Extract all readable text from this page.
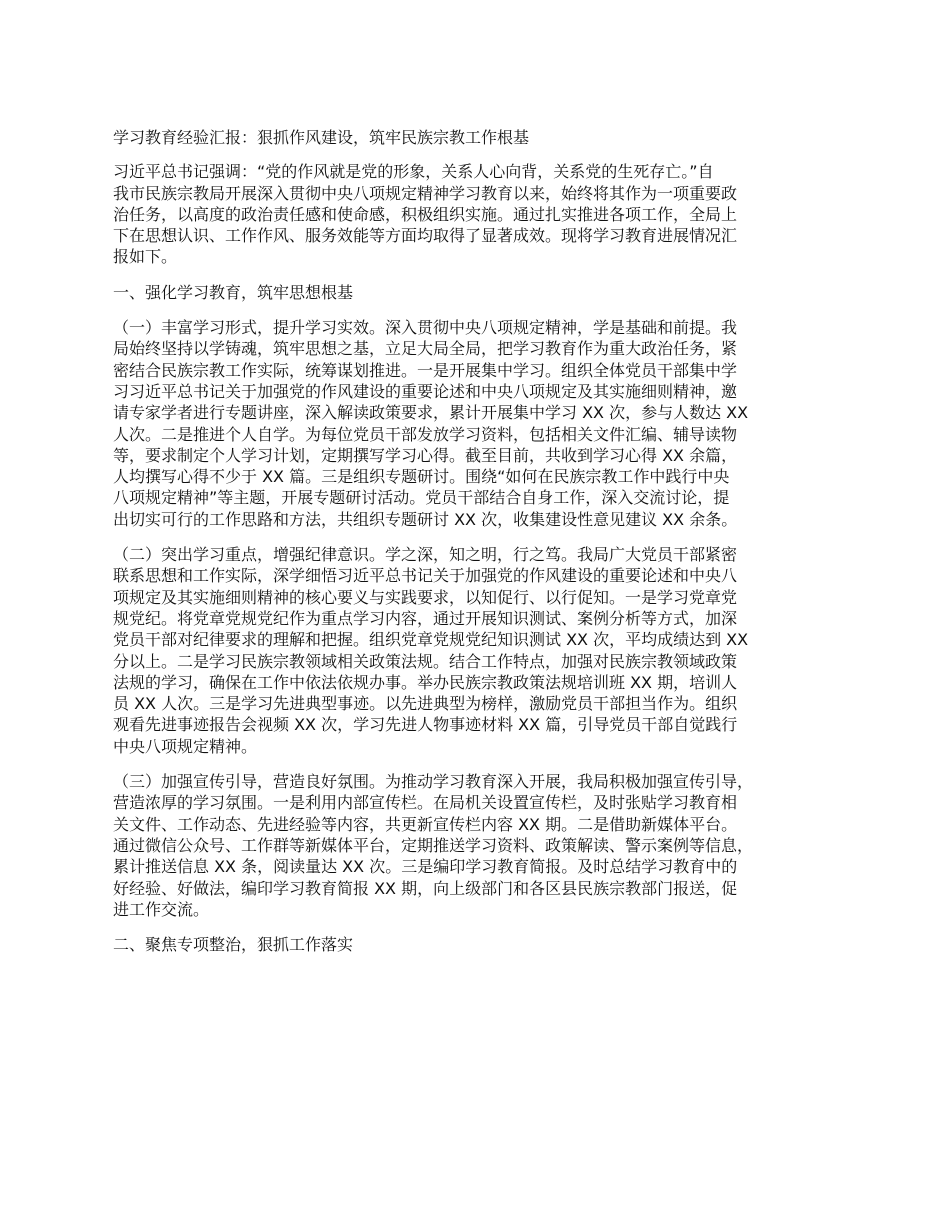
学习教育经验汇报：狠抓作风建设，筑牢民族宗教工作根基
习近平总书记强调：“党的作风就是党的形象，关系人心向背，关系党的生死存亡。”自
我市民族宗教局开展深入贯彻中央八项规定精神学习教育以来，始终将其作为一项重要政
治任务，以高度的政治责任感和使命感，积极组织实施。通过扎实推进各项工作，全局上
下在思想认识、工作作风、服务效能等方面均取得了显著成效。现将学习教育进展情况汇
报如下。
一、强化学习教育，筑牢思想根基
（一）丰富学习形式，提升学习实效。深入贯彻中央八项规定精神，学是基础和前提。我
局始终坚持以学铸魂，筑牢思想之基，立足大局全局，把学习教育作为重大政治任务，紧
密结合民族宗教工作实际，统筹谋划推进。一是开展集中学习。组织全体党员干部集中学
习习近平总书记关于加强党的作风建设的重要论述和中央八项规定及其实施细则精神，邀
请专家学者进行专题讲座，深入解读政策要求，累计开展集中学习 XX 次，参与人数达 XX
人次。二是推进个人自学。为每位党员干部发放学习资料，包括相关文件汇编、辅导读物
等，要求制定个人学习计划，定期撰写学习心得。截至目前，共收到学习心得 XX 余篇，
人均撰写心得不少于 XX 篇。三是组织专题研讨。围绕“如何在民族宗教工作中践行中央
八项规定精神”等主题，开展专题研讨活动。党员干部结合自身工作，深入交流讨论，提
出切实可行的工作思路和方法，共组织专题研讨 XX 次，收集建设性意见建议 XX 余条。
（二）突出学习重点，增强纪律意识。学之深，知之明，行之笃。我局广大党员干部紧密
联系思想和工作实际，深学细悟习近平总书记关于加强党的作风建设的重要论述和中央八
项规定及其实施细则精神的核心要义与实践要求，以知促行、以行促知。一是学习党章党
规党纪。将党章党规党纪作为重点学习内容，通过开展知识测试、案例分析等方式，加深
党员干部对纪律要求的理解和把握。组织党章党规党纪知识测试 XX 次，平均成绩达到 XX
分以上。二是学习民族宗教领域相关政策法规。结合工作特点，加强对民族宗教领域政策
法规的学习，确保在工作中依法依规办事。举办民族宗教政策法规培训班 XX 期，培训人
员 XX 人次。三是学习先进典型事迹。以先进典型为榜样，激励党员干部担当作为。组织
观看先进事迹报告会视频 XX 次，学习先进人物事迹材料 XX 篇，引导党员干部自觉践行
中央八项规定精神。
（三）加强宣传引导，营造良好氛围。为推动学习教育深入开展，我局积极加强宣传引导，
营造浓厚的学习氛围。一是利用内部宣传栏。在局机关设置宣传栏，及时张贴学习教育相
关文件、工作动态、先进经验等内容，共更新宣传栏内容 XX 期。二是借助新媒体平台。
通过微信公众号、工作群等新媒体平台，定期推送学习资料、政策解读、警示案例等信息，
累计推送信息 XX 条，阅读量达 XX 次。三是编印学习教育简报。及时总结学习教育中的
好经验、好做法，编印学习教育简报 XX 期，向上级部门和各区县民族宗教部门报送，促
进工作交流。
二、聚焦专项整治，狠抓工作落实
